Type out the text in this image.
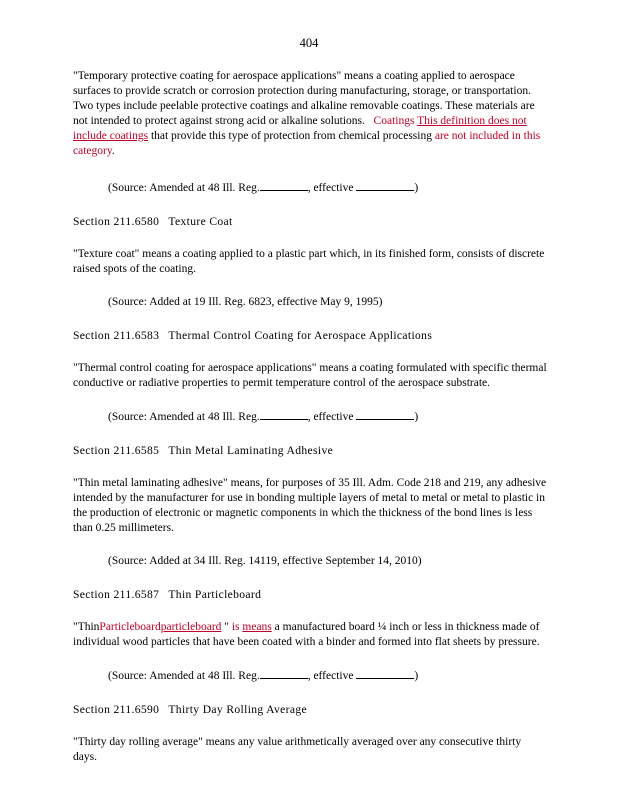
404

"Temporary protective coating for aerospace applications" means a coating applied to aerospace surfaces to provide scratch or corrosion protection during manufacturing, storage, or transportation. Two types include peelable protective coatings and alkaline removable coatings. These materials are not intended to protect against strong acid or alkaline solutions. Coatings This definition does not include coatings that provide this type of protection from chemical processing are not included in this category.

(Source: Amended at 48 Ill. Reg.	, effective	)

Section 211.6580 Texture Coat

"Texture coat" means a coating applied to a plastic part which, in its finished form, consists of discrete raised spots of the coating.

(Source: Added at 19 Ill. Reg. 6823, effective May 9, 1995)

Section 211.6583 Thermal Control Coating for Aerospace Applications

"Thermal control coating for aerospace applications" means a coating formulated with specific thermal conductive or radiative properties to permit temperature control of the aerospace substrate.

(Source: Amended at 48 Ill. Reg.	, effective	)

Section 211.6585 Thin Metal Laminating Adhesive

"Thin metal laminating adhesive" means, for purposes of 35 Ill. Adm. Code 218 and 219, any adhesive intended by the manufacturer for use in bonding multiple layers of metal to metal or metal to plastic in the production of electronic or magnetic components in which the thickness of the bond lines is less than 0.25 millimeters.

(Source: Added at 34 Ill. Reg. 14119, effective September 14, 2010)

Section 211.6587 Thin Particleboard

"ThinParticleboardparticleboard " is means a manufactured board ¼ inch or less in thickness made of individual wood particles that have been coated with a binder and formed into flat sheets by pressure.

(Source: Amended at 48 Ill. Reg.	, effective	)

Section 211.6590 Thirty Day Rolling Average

"Thirty day rolling average" means any value arithmetically averaged over any consecutive thirty days.
